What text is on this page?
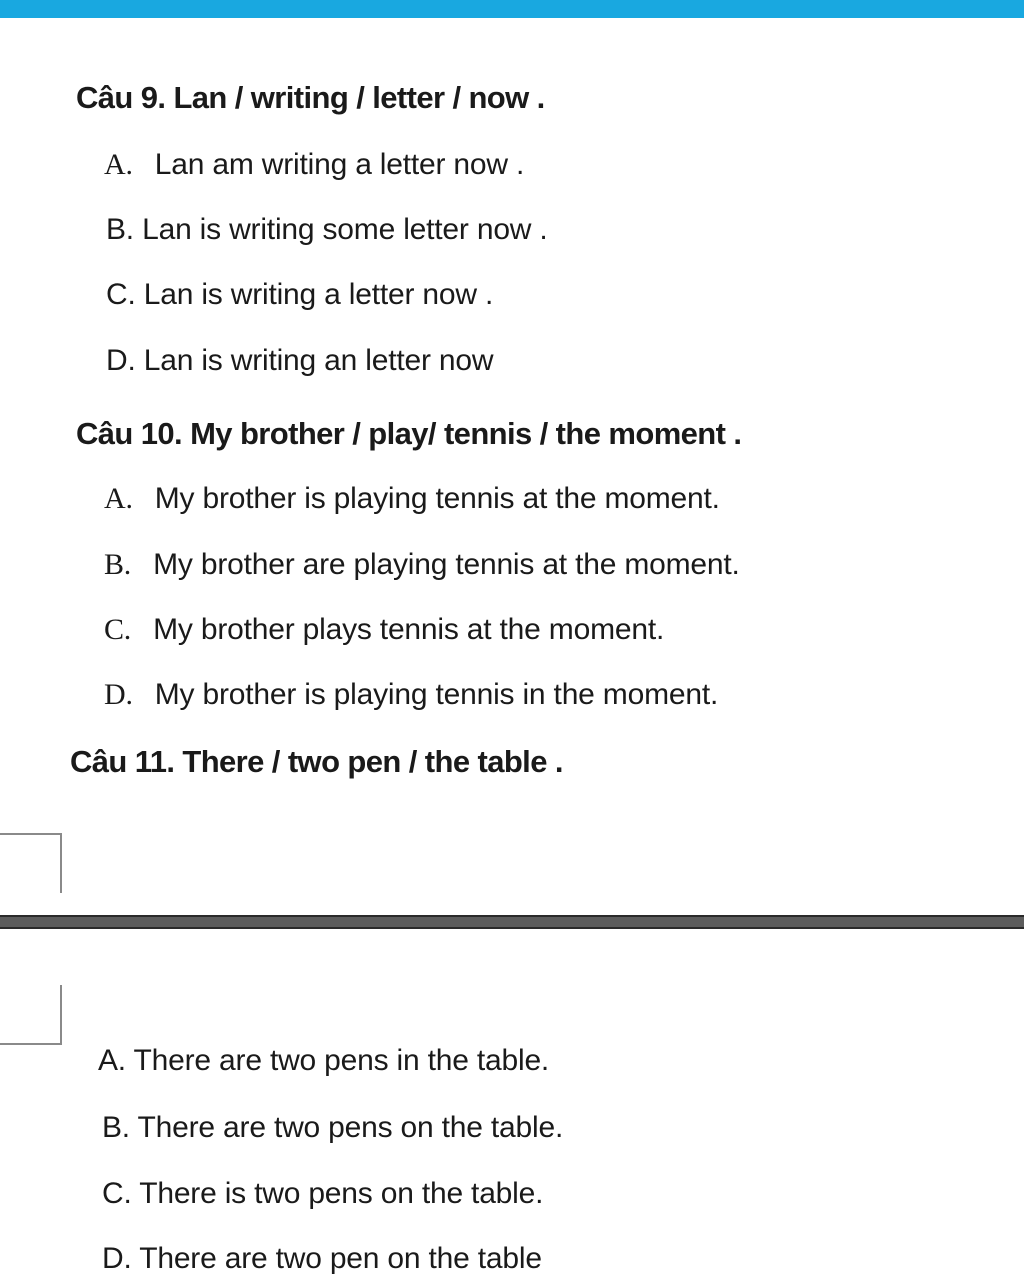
Câu 9. Lan / writing / letter / now .
A. Lan am writing a letter now .
B. Lan is writing some letter now .
C. Lan is writing a letter now .
D. Lan is writing an letter now
Câu 10. My brother / play/ tennis / the moment .
A. My brother is playing tennis at the moment.
B. My brother are playing tennis at the moment.
C. My brother plays tennis at the moment.
D. My brother is playing tennis in the moment.
Câu 11. There / two pen / the table .
A. There are two pens in the table.
B. There are two pens on the table.
C. There is two pens on the table.
D. There are two pen on the table
